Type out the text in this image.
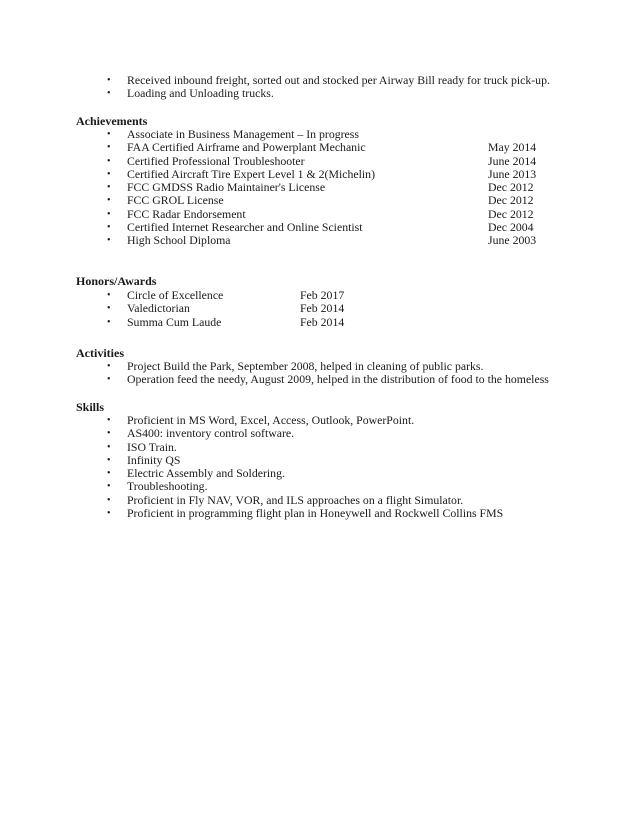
• Received inbound freight, sorted out and stocked per Airway Bill ready for truck pick-up.
• Loading and Unloading trucks.
Achievements
• Associate in Business Management – In progress
• FAA Certified Airframe and Powerplant Mechanic	May 2014
• Certified Professional Troubleshooter	June 2014
• Certified Aircraft Tire Expert Level 1 & 2(Michelin)	June 2013
• FCC GMDSS Radio Maintainer's License	Dec 2012
• FCC GROL License	Dec 2012
• FCC Radar Endorsement	Dec 2012
• Certified Internet Researcher and Online Scientist	Dec 2004
• High School Diploma	June 2003
Honors/Awards
• Circle of Excellence	Feb 2017
• Valedictorian	Feb 2014
• Summa Cum Laude	Feb 2014
Activities
• Project Build the Park, September 2008, helped in cleaning of public parks.
• Operation feed the needy, August 2009, helped in the distribution of food to the homeless
Skills
• Proficient in MS Word, Excel, Access, Outlook, PowerPoint.
• AS400: inventory control software.
• ISO Train.
• Infinity QS
• Electric Assembly and Soldering.
• Troubleshooting.
• Proficient in Fly NAV, VOR, and ILS approaches on a flight Simulator.
• Proficient in programming flight plan in Honeywell and Rockwell Collins FMS
